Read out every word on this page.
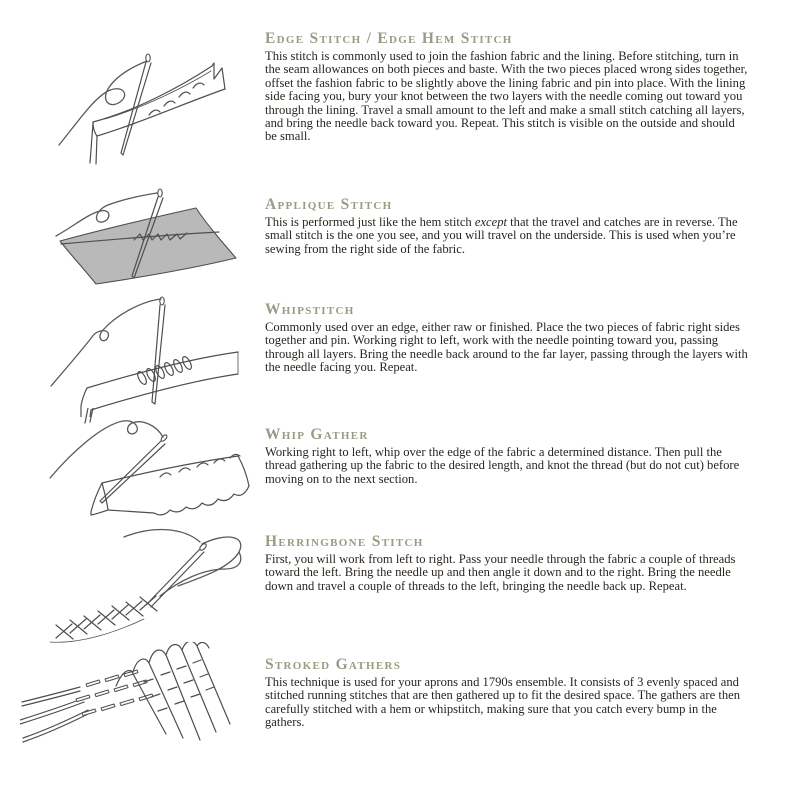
Edge Stitch / Edge Hem Stitch

This stitch is commonly used to join the fashion fabric and the lining. Before stitching, turn in the seam allowances on both pieces and baste. With the two pieces placed wrong sides together, offset the fashion fabric to be slightly above the lining fabric and pin into place. With the lining side facing you, bury your knot between the two layers with the needle coming out toward you through the lining. Travel a small amount to the left and make a small stitch catching all layers, and bring the needle back toward you. Repeat. This stitch is visible on the outside and should be small.

Applique Stitch

This is performed just like the hem stitch except that the travel and catches are in reverse. The small stitch is the one you see, and you will travel on the underside. This is used when you’re sewing from the right side of the fabric.

Whipstitch

Commonly used over an edge, either raw or finished. Place the two pieces of fabric right sides together and pin. Working right to left, work with the needle pointing toward you, passing through all layers. Bring the needle back around to the far layer, passing through the layers with the needle facing you. Repeat.

Whip Gather

Working right to left, whip over the edge of the fabric a determined distance. Then pull the thread gathering up the fabric to the desired length, and knot the thread (but do not cut) before moving on to the next section.

Herringbone Stitch

First, you will work from left to right. Pass your needle through the fabric a couple of threads toward the left. Bring the needle up and then angle it down and to the right. Bring the needle down and travel a couple of threads to the left, bringing the needle back up. Repeat.

Stroked Gathers

This technique is used for your aprons and 1790s ensemble. It consists of 3 evenly spaced and stitched running stitches that are then gathered up to fit the desired space. The gathers are then carefully stitched with a hem or whipstitch, making sure that you catch every bump in the gathers.
